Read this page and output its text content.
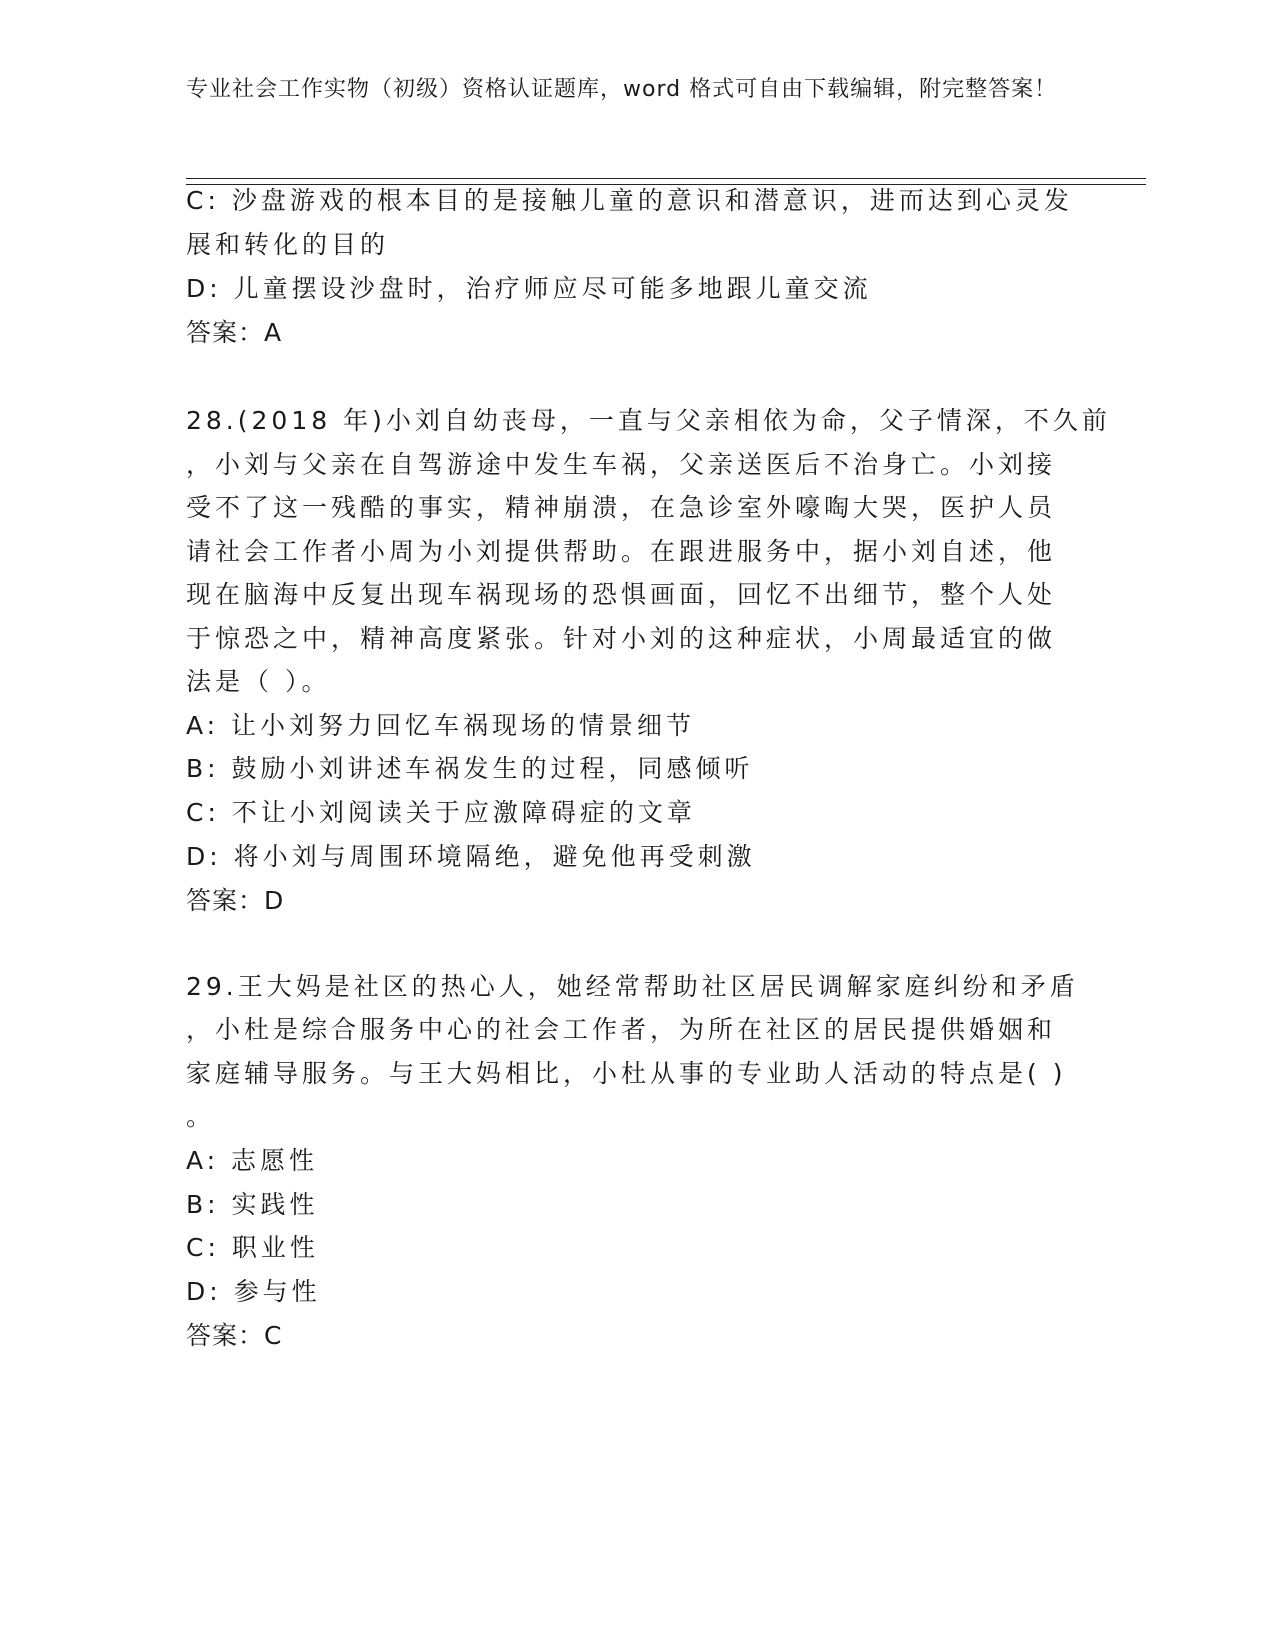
专业社会工作实物（初级）资格认证题库，word 格式可自由下载编辑，附完整答案！
C: 沙盘游戏的根本目的是接触儿童的意识和潜意识，进而达到心灵发
展和转化的目的
D: 儿童摆设沙盘时，治疗师应尽可能多地跟儿童交流
答案：A
28.(2018 年)小刘自幼丧母，一直与父亲相依为命，父子情深，不久前
，小刘与父亲在自驾游途中发生车祸，父亲送医后不治身亡。小刘接
受不了这一残酷的事实，精神崩溃，在急诊室外嚎啕大哭，医护人员
请社会工作者小周为小刘提供帮助。在跟进服务中，据小刘自述，他
现在脑海中反复出现车祸现场的恐惧画面，回忆不出细节，整个人处
于惊恐之中，精神高度紧张。针对小刘的这种症状，小周最适宜的做
法是（ ）。
A: 让小刘努力回忆车祸现场的情景细节
B: 鼓励小刘讲述车祸发生的过程，同感倾听
C: 不让小刘阅读关于应激障碍症的文章
D: 将小刘与周围环境隔绝，避免他再受刺激
答案：D
29.王大妈是社区的热心人，她经常帮助社区居民调解家庭纠纷和矛盾
，小杜是综合服务中心的社会工作者，为所在社区的居民提供婚姻和
家庭辅导服务。与王大妈相比，小杜从事的专业助人活动的特点是( )
。
A: 志愿性
B: 实践性
C: 职业性
D: 参与性
答案：C
